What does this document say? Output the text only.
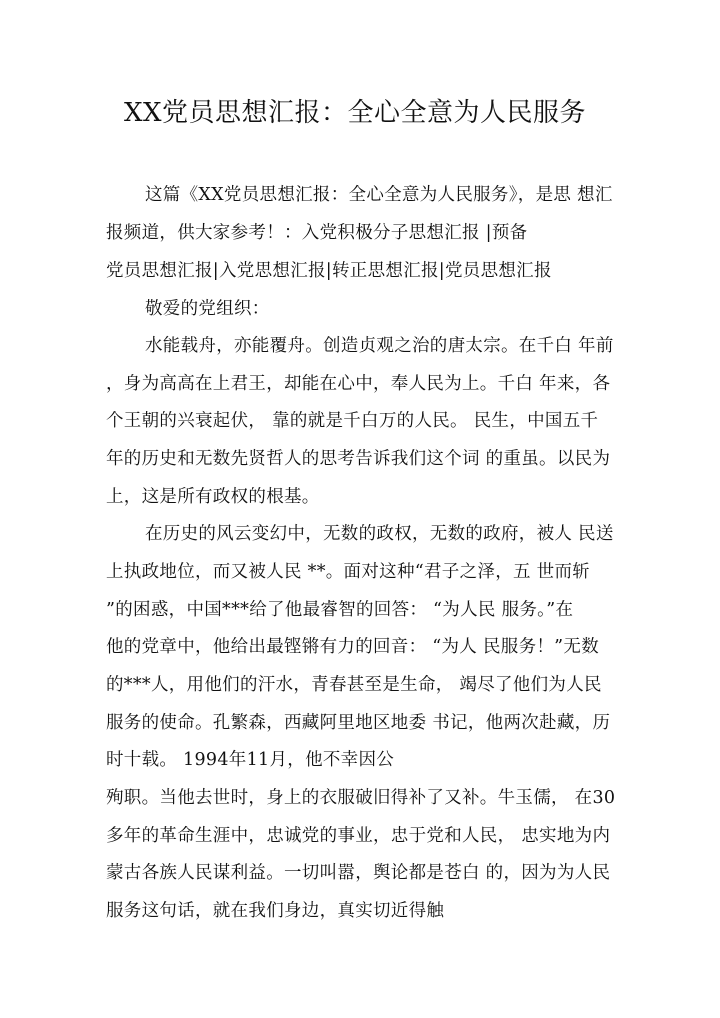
XX党员思想汇报：全心全意为人民服务
这篇《XX党员思想汇报：全心全意为人民服务》，是思 想汇
报频道，供大家参考！：入党积极分子思想汇报 |预备
党员思想汇报|入党思想汇报|转正思想汇报|党员思想汇报
敬爱的党组织：
水能载舟，亦能覆舟。创造贞观之治的唐太宗。在千白 年前
，身为高高在上君王，却能在心中，奉人民为上。千白 年来，各
个王朝的兴衰起伏， 靠的就是千白万的人民。 民生，中国五千
年的历史和无数先贤哲人的思考告诉我们这个词 的重虽。以民为
上，这是所有政权的根基。
在历史的风云变幻中，无数的政权，无数的政府，被人 民送
上执政地位，而又被人民 **。面对这种“君子之泽，五 世而斩
”的困惑，中国***给了他最睿智的回答： “为人民 服务。”在
他的党章中，他给出最铿锵有力的回音： “为人 民服务！”无数
的***人，用他们的汗水，青春甚至是生命， 竭尽了他们为人民
服务的使命。孔繁森，西藏阿里地区地委 书记，他两次赴藏，历
时十载。 1994年11月，他不幸因公
殉职。当他去世时，身上的衣服破旧得补了又补。牛玉儒， 在30
多年的革命生涯中，忠诚党的事业，忠于党和人民， 忠实地为内
蒙古各族人民谋利益。一切叫嚣，舆论都是苍白 的，因为为人民
服务这句话，就在我们身边，真实切近得触
